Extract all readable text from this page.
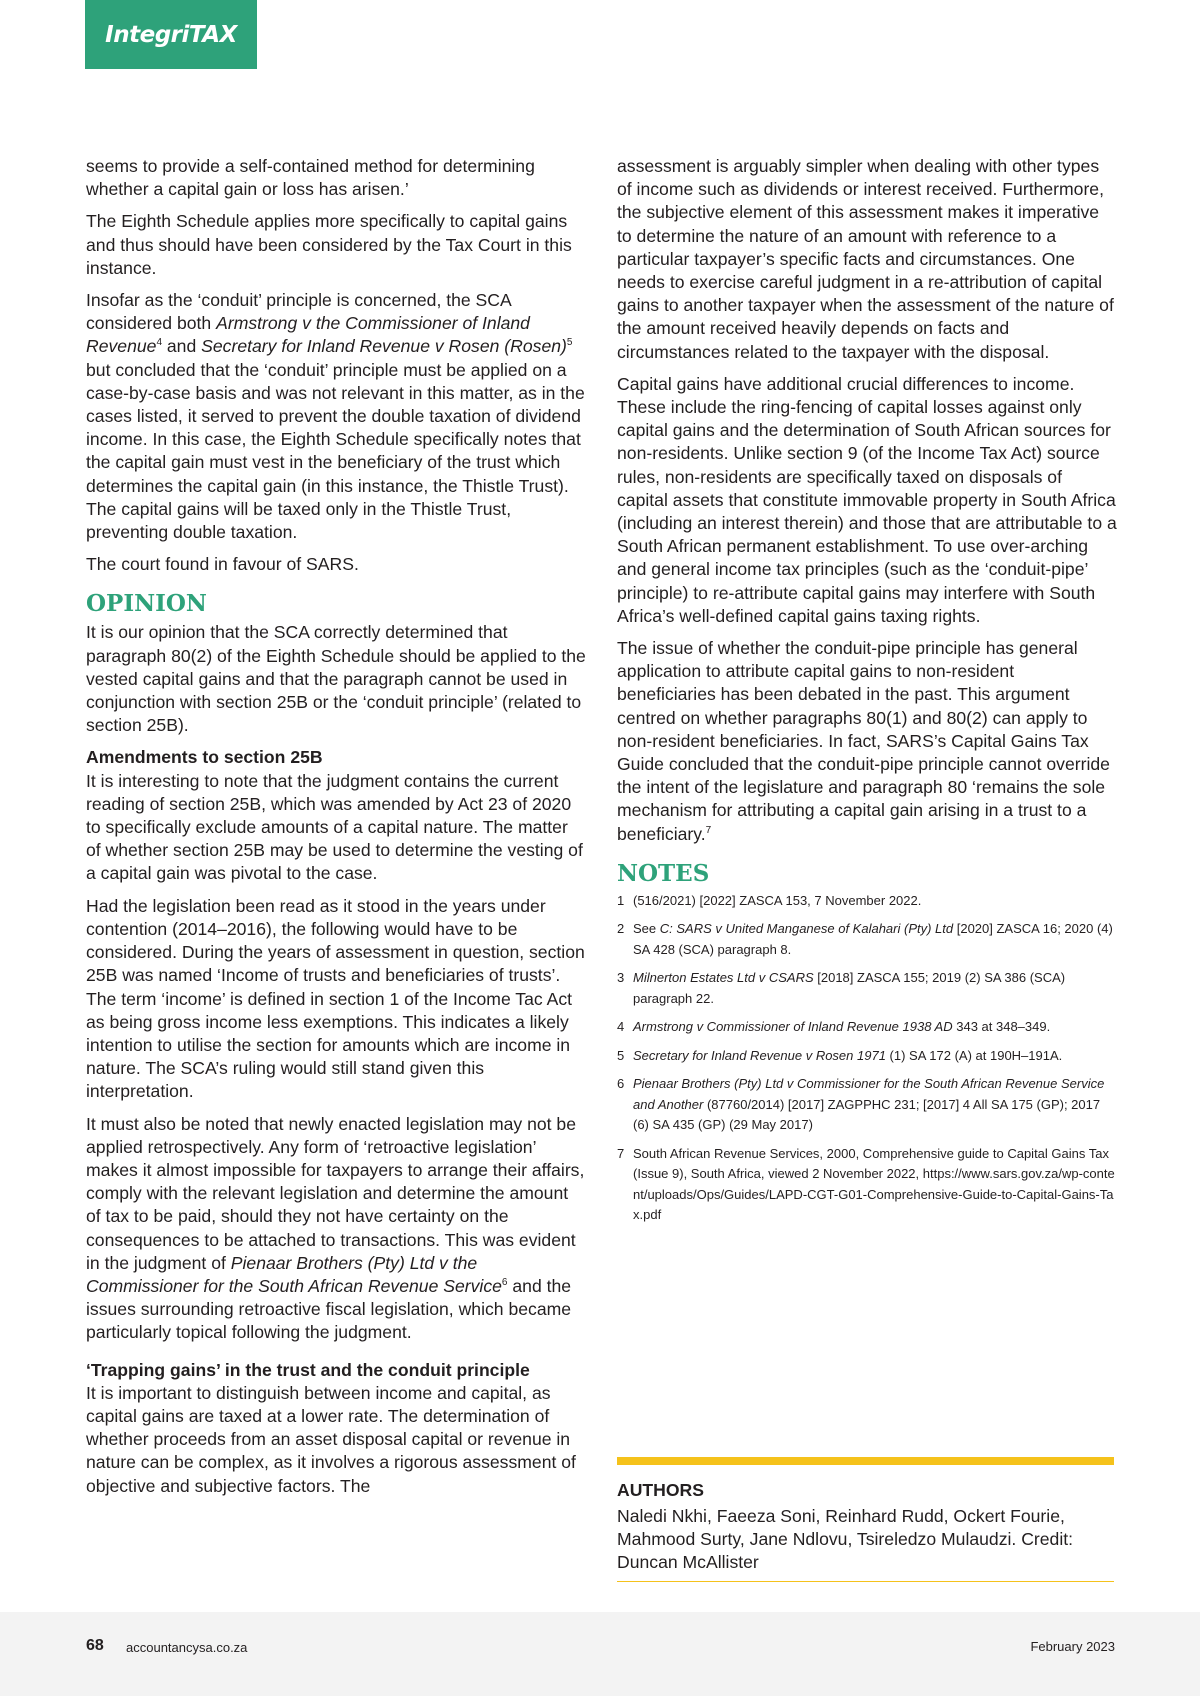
IntegriTAX

seems to provide a self-contained method for determining whether a capital gain or loss has arisen.’

The Eighth Schedule applies more specifically to capital gains and thus should have been considered by the Tax Court in this instance.

Insofar as the ‘conduit’ principle is concerned, the SCA considered both Armstrong v the Commissioner of Inland Revenue$^4$ and Secretary for Inland Revenue v Rosen (Rosen)$^5$ but concluded that the ‘conduit’ principle must be applied on a case-by-case basis and was not relevant in this matter, as in the cases listed, it served to prevent the double taxation of dividend income. In this case, the Eighth Schedule specifically notes that the capital gain must vest in the beneficiary of the trust which determines the capital gain (in this instance, the Thistle Trust). The capital gains will be taxed only in the Thistle Trust, preventing double taxation.

The court found in favour of SARS.

OPINION

It is our opinion that the SCA correctly determined that paragraph 80(2) of the Eighth Schedule should be applied to the vested capital gains and that the paragraph cannot be used in conjunction with section 25B or the ‘conduit principle’ (related to section 25B).

Amendments to section 25B

It is interesting to note that the judgment contains the current reading of section 25B, which was amended by Act 23 of 2020 to specifically exclude amounts of a capital nature. The matter of whether section 25B may be used to determine the vesting of a capital gain was pivotal to the case.

Had the legislation been read as it stood in the years under contention (2014–2016), the following would have to be considered. During the years of assessment in question, section 25B was named ‘Income of trusts and beneficiaries of trusts’. The term ‘income’ is defined in section 1 of the Income Tac Act as being gross income less exemptions. This indicates a likely intention to utilise the section for amounts which are income in nature. The SCA’s ruling would still stand given this interpretation.

It must also be noted that newly enacted legislation may not be applied retrospectively. Any form of ‘retroactive legislation’ makes it almost impossible for taxpayers to arrange their affairs, comply with the relevant legislation and determine the amount of tax to be paid, should they not have certainty on the consequences to be attached to transactions. This was evident in the judgment of Pienaar Brothers (Pty) Ltd v the Commissioner for the South African Revenue Service$^6$ and the issues surrounding retroactive fiscal legislation, which became particularly topical following the judgment.

‘Trapping gains’ in the trust and the conduit principle

It is important to distinguish between income and capital, as capital gains are taxed at a lower rate. The determination of whether proceeds from an asset disposal capital or revenue in nature can be complex, as it involves a rigorous assessment of objective and subjective factors. The

assessment is arguably simpler when dealing with other types of income such as dividends or interest received. Furthermore, the subjective element of this assessment makes it imperative to determine the nature of an amount with reference to a particular taxpayer’s specific facts and circumstances. One needs to exercise careful judgment in a re-attribution of capital gains to another taxpayer when the assessment of the nature of the amount received heavily depends on facts and circumstances related to the taxpayer with the disposal.

Capital gains have additional crucial differences to income. These include the ring-fencing of capital losses against only capital gains and the determination of South African sources for non-residents. Unlike section 9 (of the Income Tax Act) source rules, non-residents are specifically taxed on disposals of capital assets that constitute immovable property in South Africa (including an interest therein) and those that are attributable to a South African permanent establishment. To use over-arching and general income tax principles (such as the ‘conduit-pipe’ principle) to re-attribute capital gains may interfere with South Africa’s well-defined capital gains taxing rights.

The issue of whether the conduit-pipe principle has general application to attribute capital gains to non-resident beneficiaries has been debated in the past. This argument centred on whether paragraphs 80(1) and 80(2) can apply to non-resident beneficiaries. In fact, SARS’s Capital Gains Tax Guide concluded that the conduit-pipe principle cannot override the intent of the legislature and paragraph 80 ‘remains the sole mechanism for attributing a capital gain arising in a trust to a beneficiary.$^7$

NOTES
1 (516/2021) [2022] ZASCA 153, 7 November 2022.
2 See C: SARS v United Manganese of Kalahari (Pty) Ltd [2020] ZASCA 16; 2020 (4) SA 428 (SCA) paragraph 8.
3 Milnerton Estates Ltd v CSARS [2018] ZASCA 155; 2019 (2) SA 386 (SCA) paragraph 22.
4 Armstrong v Commissioner of Inland Revenue 1938 AD 343 at 348–349.
5 Secretary for Inland Revenue v Rosen 1971 (1) SA 172 (A) at 190H–191A.
6 Pienaar Brothers (Pty) Ltd v Commissioner for the South African Revenue Service and Another (87760/2014) [2017] ZAGPPHC 231; [2017] 4 All SA 175 (GP); 2017 (6) SA 435 (GP) (29 May 2017)
7 South African Revenue Services, 2000, Comprehensive guide to Capital Gains Tax (Issue 9), South Africa, viewed 2 November 2022, https://www.sars.gov.za/wp-content/uploads/Ops/Guides/LAPD-CGT-G01-Comprehensive-Guide-to-Capital-Gains-Tax.pdf
AUTHORS

Naledi Nkhi, Faeeza Soni, Reinhard Rudd, Ockert Fourie, Mahmood Surty, Jane Ndlovu, Tsireledzo Mulaudzi. Credit: Duncan McAllister

68 accountancysa.co.za	February 2023
